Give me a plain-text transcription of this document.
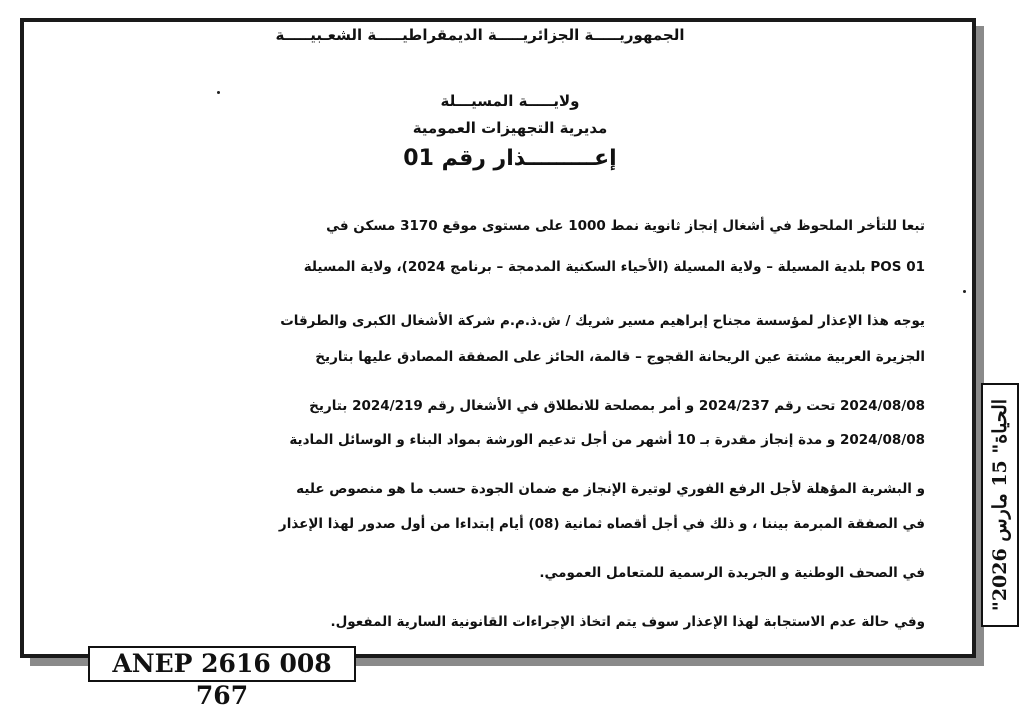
الجمهوريـــــة الجزائريـــــة الديمقراطيـــــة الشعـبيـــــة
ولايـــــة المسيـــلة
مديرية التجهيزات العمومية
إعـــــــــذار رقم 01
تبعا للتأخر الملحوظ في أشغال إنجاز ثانوية نمط 1000 على مستوى موقع 3170 مسكن في
POS 01 بلدية المسيلة – ولاية المسيلة (الأحياء السكنية المدمجة – برنامج 2024)، ولاية المسيلة
يوجه هذا الإعذار لمؤسسة مجناح إبراهيم مسير شريك / ش.ذ.م.م شركة الأشغال الكبرى والطرقات
الجزيرة العربية مشتة عين الريحانة القجوج – قالمة، الحائز على الصفقة المصادق عليها بتاريخ
2024/08/08 تحت رقم 2024/237 و أمر بمصلحة للانطلاق في الأشغال رقم 2024/219 بتاريخ
2024/08/08 و مدة إنجاز مقدرة بـ 10 أشهر من أجل تدعيم الورشة بمواد البناء و الوسائل المادية
و البشرية المؤهلة لأجل الرفع الفوري لوتيرة الإنجاز مع ضمان الجودة حسب ما هو منصوص عليه
في الصفقة المبرمة بيننا ، و ذلك في أجل أقصاه ثمانية (08) أيام إبتداءا من أول صدور لهذا الإعذار
في الصحف الوطنية و الجريدة الرسمية للمتعامل العمومي.
وفي حالة عدم الاستجابة لهذا الإعذار سوف يتم اتخاذ الإجراءات القانونية السارية المفعول.
ANEP 2616 008 767
"الحياة" 15 مارس 2026
